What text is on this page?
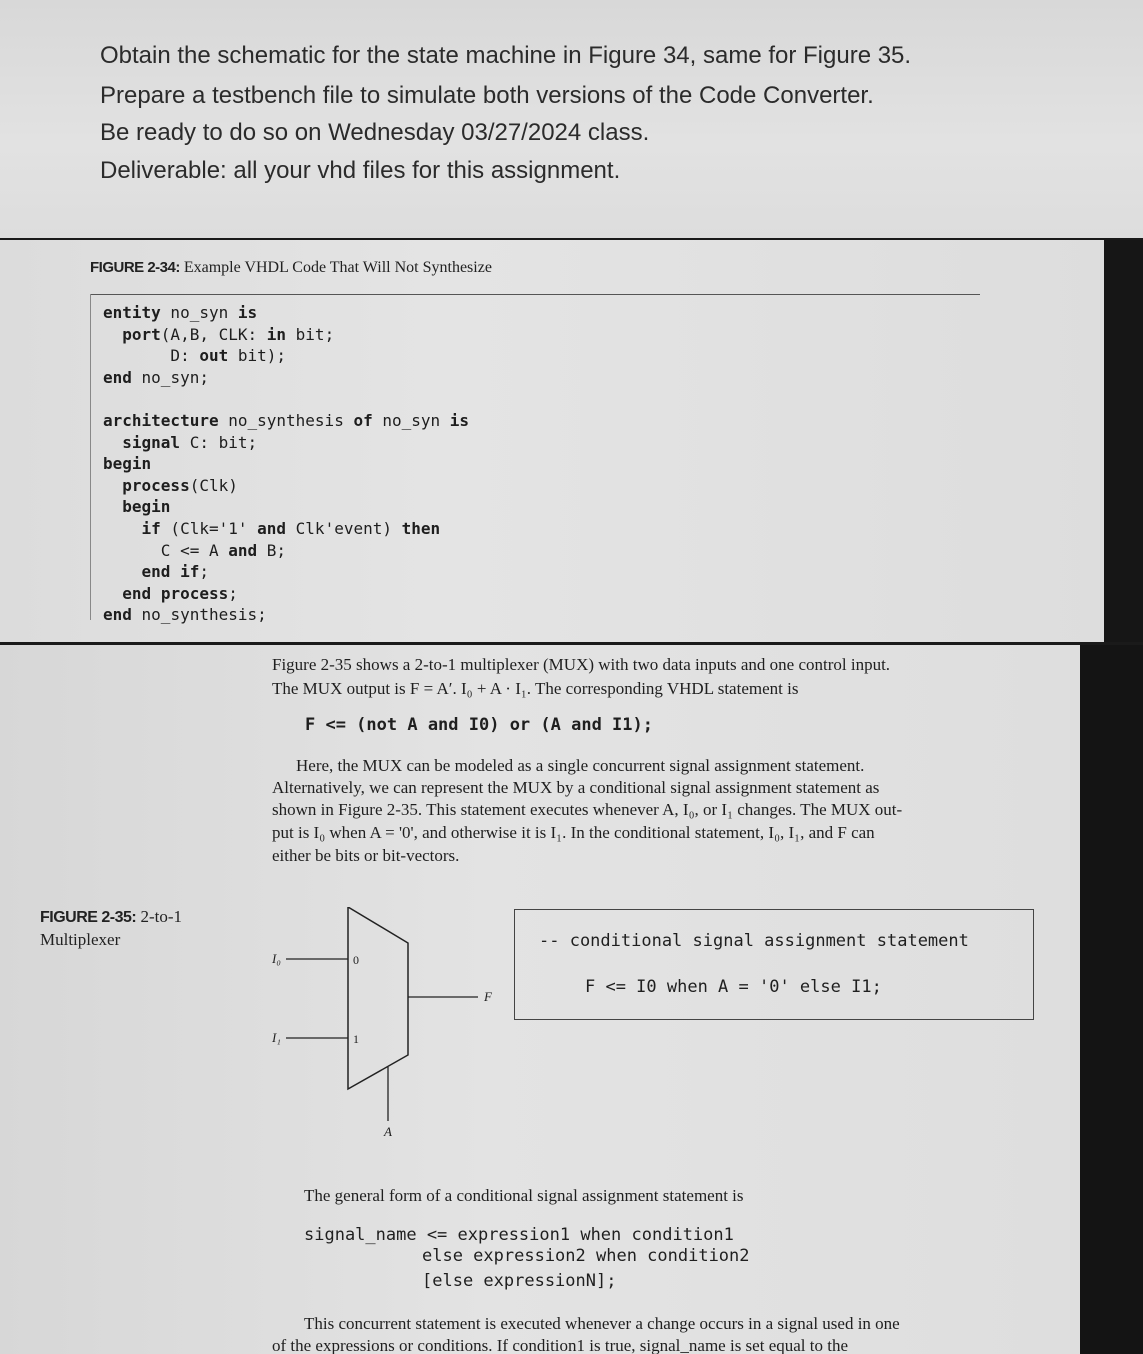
Obtain the schematic for the state machine in Figure 34, same for Figure 35.
Prepare a testbench file to simulate both versions of the Code Converter.
Be ready to do so on Wednesday 03/27/2024 class.
Deliverable: all your vhd files for this assignment.
FIGURE 2-34: Example VHDL Code That Will Not Synthesize
entity no_syn is
port(A,B, CLK: in bit;
D: out bit);
end no_syn;

architecture no_synthesis of no_syn is
signal C: bit;
begin
process(Clk)
begin
if (Clk='1' and Clk'event) then
C <= A and B;
end if;
end process;
end no_synthesis;
Figure 2-35 shows a 2-to-1 multiplexer (MUX) with two data inputs and one control input.
The MUX output is F = A′. I₀ + A · I₁. The corresponding VHDL statement is
F <= (not A and I0) or (A and I1);
Here, the MUX can be modeled as a single concurrent signal assignment statement.
Alternatively, we can represent the MUX by a conditional signal assignment statement as
shown in Figure 2-35. This statement executes whenever A, I₀, or I₁ changes. The MUX out-
put is I₀ when A = '0', and otherwise it is I₁. In the conditional statement, I₀, I₁, and F can
either be bits or bit-vectors.
FIGURE 2-35: 2-to-1
Multiplexer
I₀
I₁
0
1
F
A
-- conditional signal assignment statement
F <= I0 when A = '0' else I1;
The general form of a conditional signal assignment statement is
signal_name <= expression1 when condition1
else expression2 when condition2
[else expressionN];
This concurrent statement is executed whenever a change occurs in a signal used in one
of the expressions or conditions. If condition1 is true, signal_name is set equal to the
